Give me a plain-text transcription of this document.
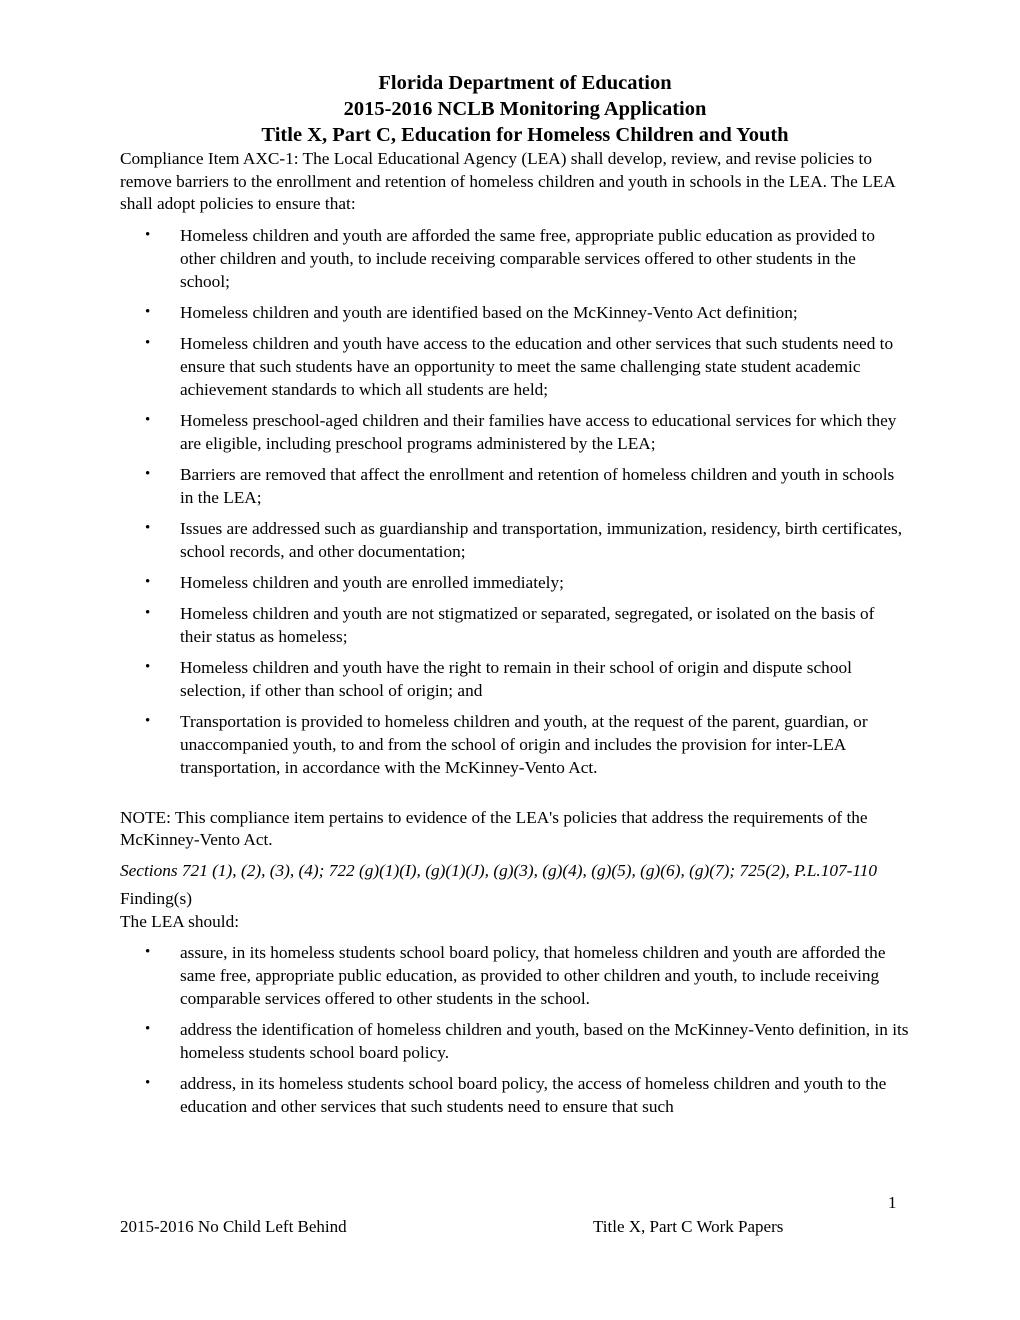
Florida Department of Education

2015-2016 NCLB Monitoring Application

Title X, Part C, Education for Homeless Children and Youth

Compliance Item AXC-1: The Local Educational Agency (LEA) shall develop, review, and revise policies to remove barriers to the enrollment and retention of homeless children and youth in schools in the LEA. The LEA shall adopt policies to ensure that:

• Homeless children and youth are afforded the same free, appropriate public education as provided to other children and youth, to include receiving comparable services offered to other students in the school;
• Homeless children and youth are identified based on the McKinney-Vento Act definition;
• Homeless children and youth have access to the education and other services that such students need to ensure that such students have an opportunity to meet the same challenging state student academic achievement standards to which all students are held;
• Homeless preschool-aged children and their families have access to educational services for which they are eligible, including preschool programs administered by the LEA;
• Barriers are removed that affect the enrollment and retention of homeless children and youth in schools in the LEA;
• Issues are addressed such as guardianship and transportation, immunization, residency, birth certificates, school records, and other documentation;
• Homeless children and youth are enrolled immediately;
• Homeless children and youth are not stigmatized or separated, segregated, or isolated on the basis of their status as homeless;
• Homeless children and youth have the right to remain in their school of origin and dispute school selection, if other than school of origin; and
• Transportation is provided to homeless children and youth, at the request of the parent, guardian, or unaccompanied youth, to and from the school of origin and includes the provision for inter-LEA transportation, in accordance with the McKinney-Vento Act.

NOTE: This compliance item pertains to evidence of the LEA's policies that address the requirements of the McKinney-Vento Act.

Sections 721 (1), (2), (3), (4); 722 (g)(1)(I), (g)(1)(J), (g)(3), (g)(4), (g)(5), (g)(6), (g)(7); 725(2), P.L.107-110

Finding(s)

The LEA should:

• assure, in its homeless students school board policy, that homeless children and youth are afforded the same free, appropriate public education, as provided to other children and youth, to include receiving comparable services offered to other students in the school.
• address the identification of homeless children and youth, based on the McKinney-Vento definition, in its homeless students school board policy.
• address, in its homeless students school board policy, the access of homeless children and youth to the education and other services that such students need to ensure that such
1
2015-2016 No Child Left Behind	Title X, Part C Work Papers
